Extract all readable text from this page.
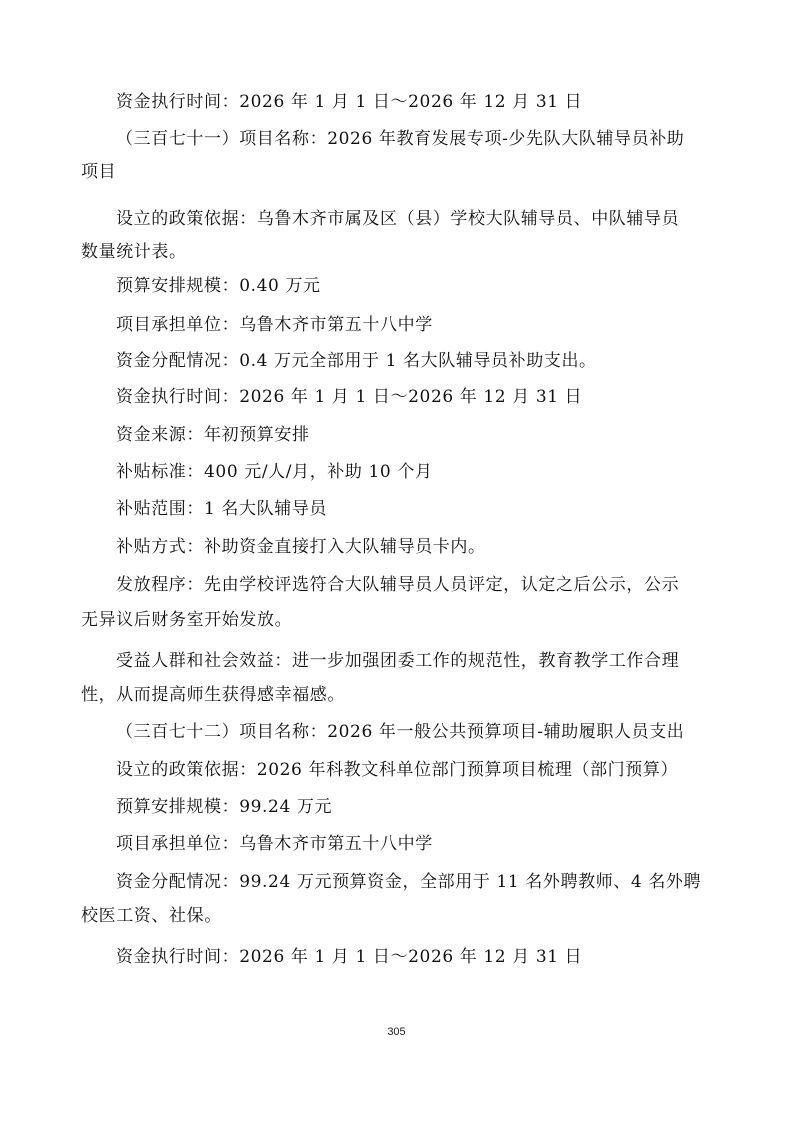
资金执行时间：2026 年 1 月 1 日～2026 年 12 月 31 日
（三百七十一）项目名称：2026 年教育发展专项-少先队大队辅导员补助
项目
设立的政策依据：乌鲁木齐市属及区（县）学校大队辅导员、中队辅导员
数量统计表。
预算安排规模：0.40 万元
项目承担单位：乌鲁木齐市第五十八中学
资金分配情况：0.4 万元全部用于 1 名大队辅导员补助支出。
资金执行时间：2026 年 1 月 1 日～2026 年 12 月 31 日
资金来源：年初预算安排
补贴标准：400 元/人/月，补助 10 个月
补贴范围：1 名大队辅导员
补贴方式：补助资金直接打入大队辅导员卡内。
发放程序：先由学校评选符合大队辅导员人员评定，认定之后公示，公示
无异议后财务室开始发放。
受益人群和社会效益：进一步加强团委工作的规范性，教育教学工作合理
性，从而提高师生获得感幸福感。
（三百七十二）项目名称：2026 年一般公共预算项目-辅助履职人员支出
设立的政策依据：2026 年科教文科单位部门预算项目梳理（部门预算）
预算安排规模：99.24 万元
项目承担单位：乌鲁木齐市第五十八中学
资金分配情况：99.24 万元预算资金，全部用于 11 名外聘教师、4 名外聘
校医工资、社保。
资金执行时间：2026 年 1 月 1 日～2026 年 12 月 31 日
305
